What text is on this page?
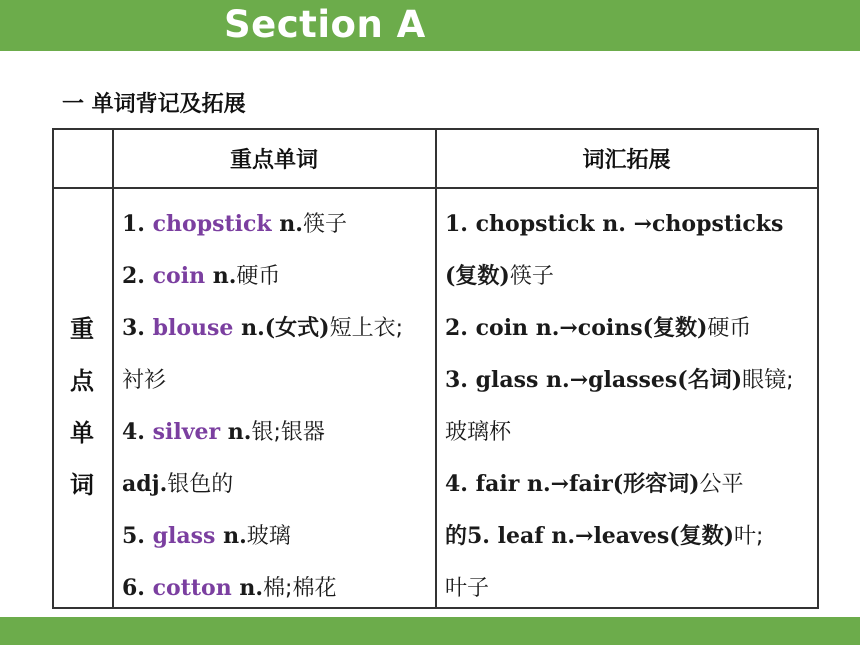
Section A
一 单词背记及拓展
重点单词	词汇拓展
重
点
单
词
1. chopstick n.筷子
2. coin n.硬币
3. blouse n.(女式)短上衣;
衬衫
4. silver n.银;银器
adj.银色的
5. glass n.玻璃
6. cotton n.棉;棉花
1. chopstick n. →chopsticks
(复数)筷子
2. coin n.→coins(复数)硬币
3. glass n.→glasses(名词)眼镜;
玻璃杯
4. fair n.→fair(形容词)公平
的5. leaf n.→leaves(复数)叶;
叶子
